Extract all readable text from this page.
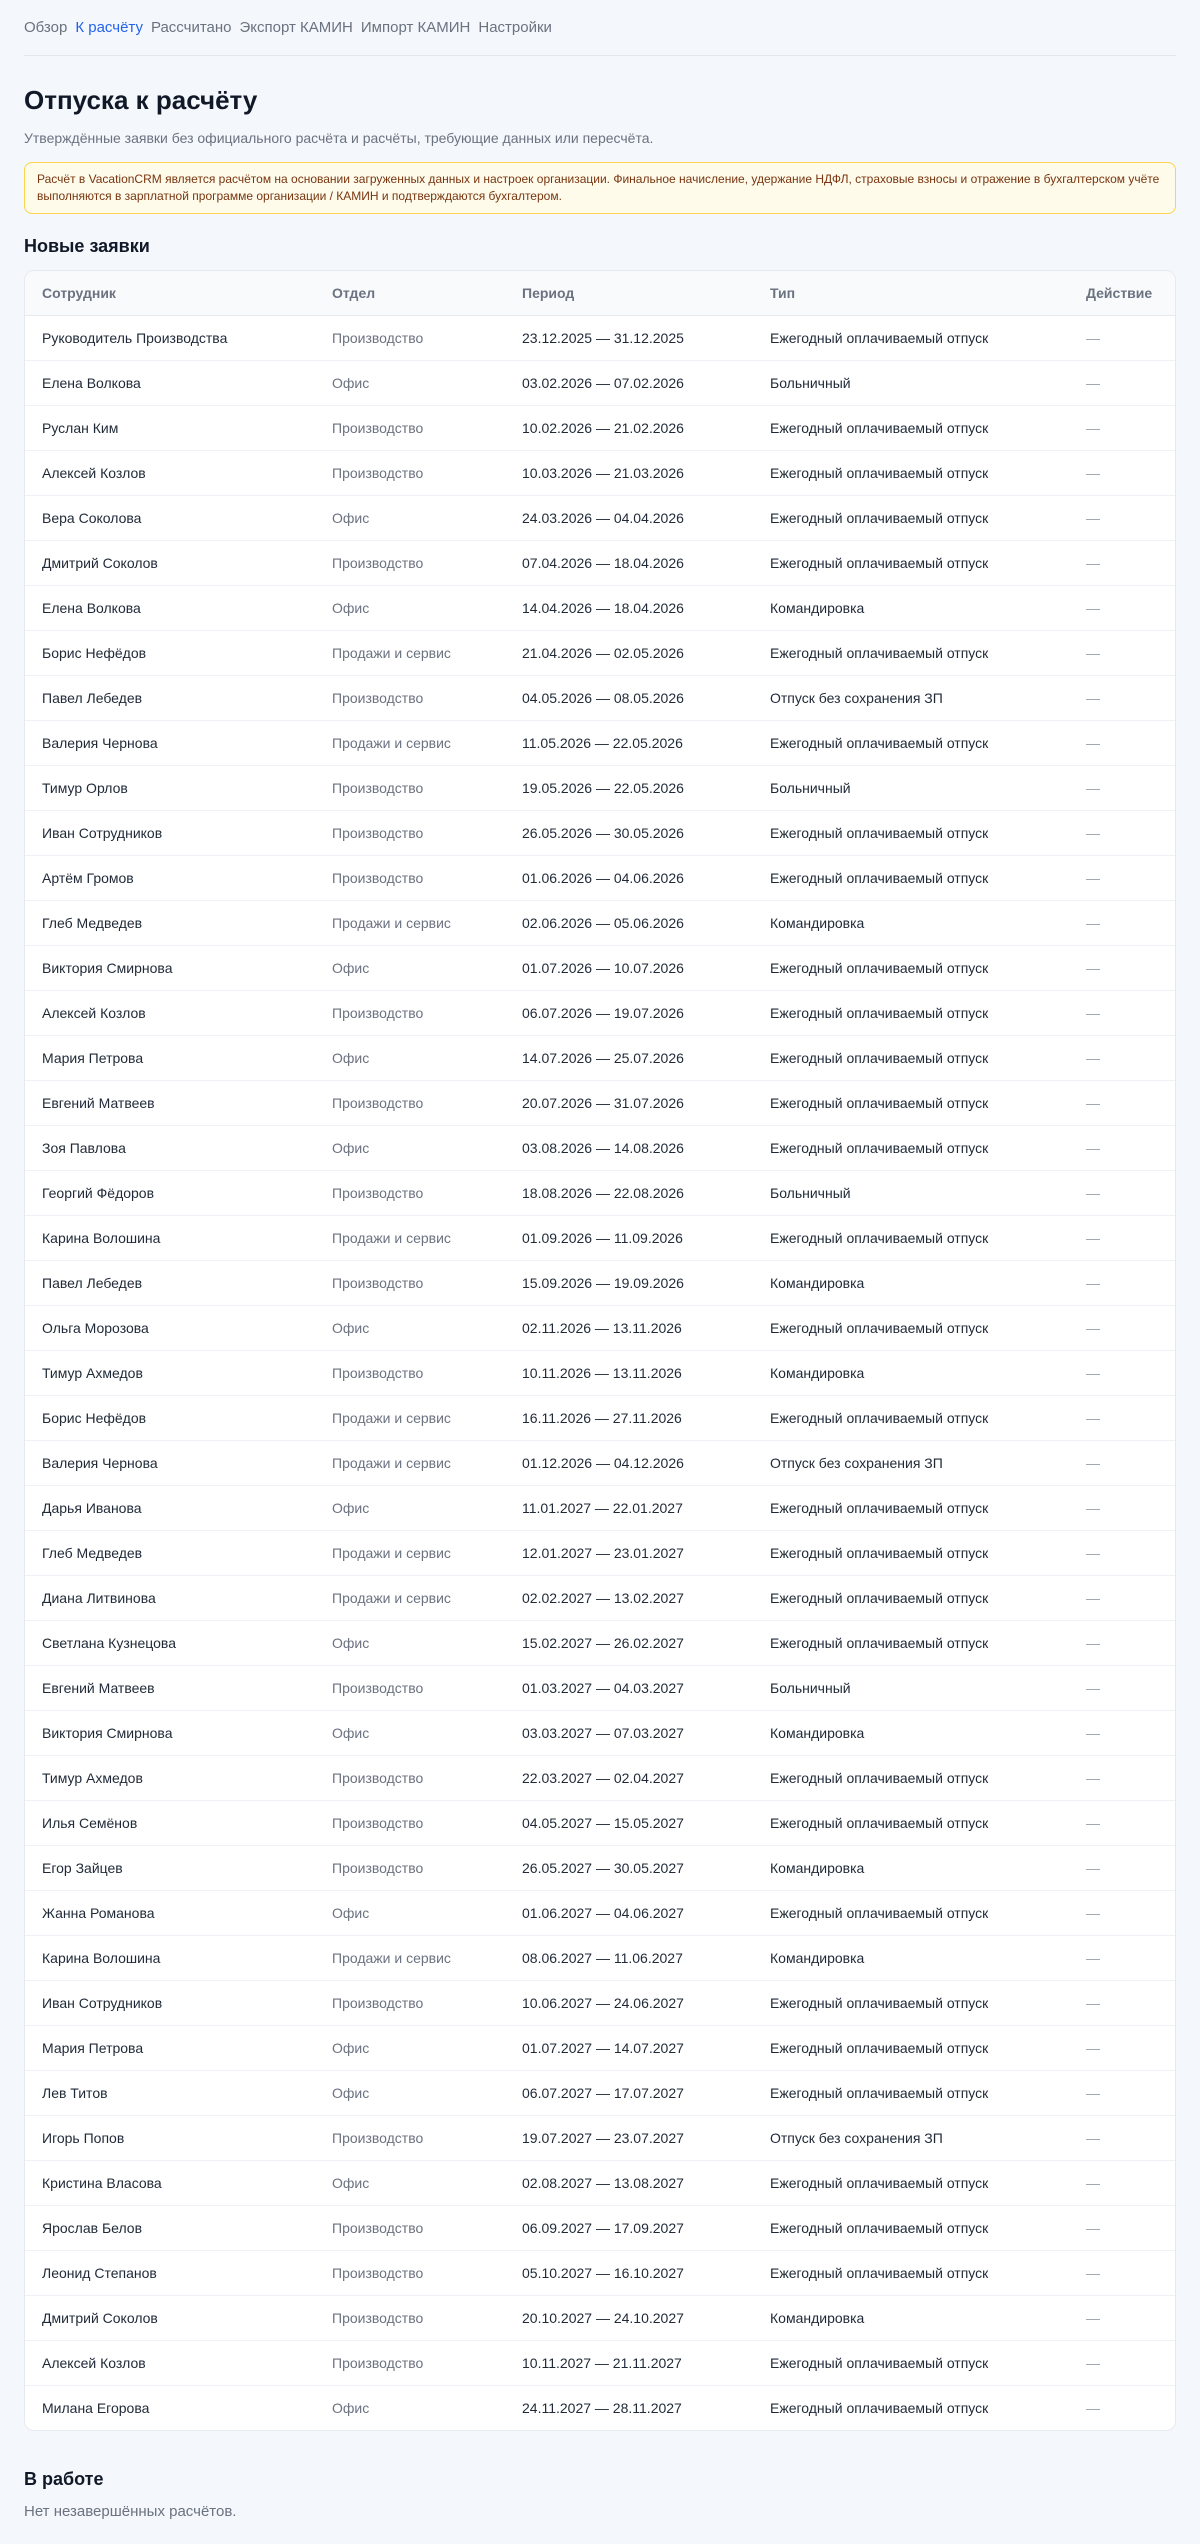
Обзор К расчёту Рассчитано Экспорт КАМИН Импорт КАМИН Настройки
Отпуска к расчёту

Утверждённые заявки без официального расчёта и расчёты, требующие данных или пересчёта.

Расчёт в VacationCRM является расчётом на основании загруженных данных и настроек организации. Финальное начисление, удержание НДФЛ, страховые взносы и отражение в бухгалтерском учёте выполняются в зарплатной программе организации / КАМИН и подтверждаются бухгалтером.
Новые заявки
Сотрудник	Отдел	Период	Тип	Действие
Руководитель Производства	Производство	23.12.2025 — 31.12.2025	Ежегодный оплачиваемый отпуск	—
Елена Волкова	Офис	03.02.2026 — 07.02.2026	Больничный	—
Руслан Ким	Производство	10.02.2026 — 21.02.2026	Ежегодный оплачиваемый отпуск	—
Алексей Козлов	Производство	10.03.2026 — 21.03.2026	Ежегодный оплачиваемый отпуск	—
Вера Соколова	Офис	24.03.2026 — 04.04.2026	Ежегодный оплачиваемый отпуск	—
Дмитрий Соколов	Производство	07.04.2026 — 18.04.2026	Ежегодный оплачиваемый отпуск	—
Елена Волкова	Офис	14.04.2026 — 18.04.2026	Командировка	—
Борис Нефёдов	Продажи и сервис	21.04.2026 — 02.05.2026	Ежегодный оплачиваемый отпуск	—
Павел Лебедев	Производство	04.05.2026 — 08.05.2026	Отпуск без сохранения ЗП	—
Валерия Чернова	Продажи и сервис	11.05.2026 — 22.05.2026	Ежегодный оплачиваемый отпуск	—
Тимур Орлов	Производство	19.05.2026 — 22.05.2026	Больничный	—
Иван Сотрудников	Производство	26.05.2026 — 30.05.2026	Ежегодный оплачиваемый отпуск	—
Артём Громов	Производство	01.06.2026 — 04.06.2026	Ежегодный оплачиваемый отпуск	—
Глеб Медведев	Продажи и сервис	02.06.2026 — 05.06.2026	Командировка	—
Виктория Смирнова	Офис	01.07.2026 — 10.07.2026	Ежегодный оплачиваемый отпуск	—
Алексей Козлов	Производство	06.07.2026 — 19.07.2026	Ежегодный оплачиваемый отпуск	—
Мария Петрова	Офис	14.07.2026 — 25.07.2026	Ежегодный оплачиваемый отпуск	—
Евгений Матвеев	Производство	20.07.2026 — 31.07.2026	Ежегодный оплачиваемый отпуск	—
Зоя Павлова	Офис	03.08.2026 — 14.08.2026	Ежегодный оплачиваемый отпуск	—
Георгий Фёдоров	Производство	18.08.2026 — 22.08.2026	Больничный	—
Карина Волошина	Продажи и сервис	01.09.2026 — 11.09.2026	Ежегодный оплачиваемый отпуск	—
Павел Лебедев	Производство	15.09.2026 — 19.09.2026	Командировка	—
Ольга Морозова	Офис	02.11.2026 — 13.11.2026	Ежегодный оплачиваемый отпуск	—
Тимур Ахмедов	Производство	10.11.2026 — 13.11.2026	Командировка	—
Борис Нефёдов	Продажи и сервис	16.11.2026 — 27.11.2026	Ежегодный оплачиваемый отпуск	—
Валерия Чернова	Продажи и сервис	01.12.2026 — 04.12.2026	Отпуск без сохранения ЗП	—
Дарья Иванова	Офис	11.01.2027 — 22.01.2027	Ежегодный оплачиваемый отпуск	—
Глеб Медведев	Продажи и сервис	12.01.2027 — 23.01.2027	Ежегодный оплачиваемый отпуск	—
Диана Литвинова	Продажи и сервис	02.02.2027 — 13.02.2027	Ежегодный оплачиваемый отпуск	—
Светлана Кузнецова	Офис	15.02.2027 — 26.02.2027	Ежегодный оплачиваемый отпуск	—
Евгений Матвеев	Производство	01.03.2027 — 04.03.2027	Больничный	—
Виктория Смирнова	Офис	03.03.2027 — 07.03.2027	Командировка	—
Тимур Ахмедов	Производство	22.03.2027 — 02.04.2027	Ежегодный оплачиваемый отпуск	—
Илья Семёнов	Производство	04.05.2027 — 15.05.2027	Ежегодный оплачиваемый отпуск	—
Егор Зайцев	Производство	26.05.2027 — 30.05.2027	Командировка	—
Жанна Романова	Офис	01.06.2027 — 04.06.2027	Ежегодный оплачиваемый отпуск	—
Карина Волошина	Продажи и сервис	08.06.2027 — 11.06.2027	Командировка	—
Иван Сотрудников	Производство	10.06.2027 — 24.06.2027	Ежегодный оплачиваемый отпуск	—
Мария Петрова	Офис	01.07.2027 — 14.07.2027	Ежегодный оплачиваемый отпуск	—
Лев Титов	Офис	06.07.2027 — 17.07.2027	Ежегодный оплачиваемый отпуск	—
Игорь Попов	Производство	19.07.2027 — 23.07.2027	Отпуск без сохранения ЗП	—
Кристина Власова	Офис	02.08.2027 — 13.08.2027	Ежегодный оплачиваемый отпуск	—
Ярослав Белов	Производство	06.09.2027 — 17.09.2027	Ежегодный оплачиваемый отпуск	—
Леонид Степанов	Производство	05.10.2027 — 16.10.2027	Ежегодный оплачиваемый отпуск	—
Дмитрий Соколов	Производство	20.10.2027 — 24.10.2027	Командировка	—
Алексей Козлов	Производство	10.11.2027 — 21.11.2027	Ежегодный оплачиваемый отпуск	—
Милана Егорова	Офис	24.11.2027 — 28.11.2027	Ежегодный оплачиваемый отпуск	—
В работе

Нет незавершённых расчётов.
